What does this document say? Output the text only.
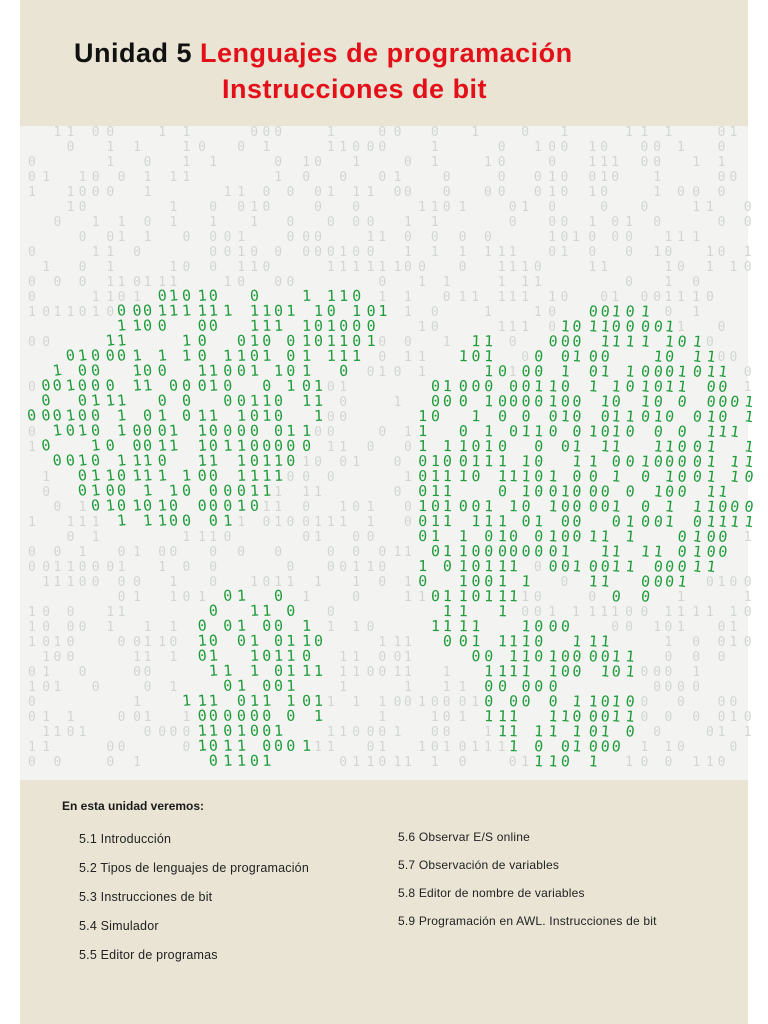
Unidad 5 Lenguajes de programación
Instrucciones de bit
0
0
1
0
0
0
1
0
0
0
0
1
1
0
0
1
1
1
0
1
0
0
1
0
1
1
0
0
0
0
0
0
1
0
0
1
0
0
0
1
1
0
1
1
1
1
0
0
1
1
0
0
1
0
0
0
1
1
1
0
1
1
0
1
0
1
1
1
0
1
1
0
0
1
0
1
1
0
0
0
0
1
0
1
0
0
0
0
0
0
1
0
0
0
0
1
1
0
0
1
1
1
0
0
0
0
1
0
0
0
1
1
1
1
0
0
0
1
0
0
1
0
1
1
0
1
1
0
0
0
0
1
1
0
0
1
1
1
1
0
1
0
0
1
0
1
0
1
0
1
1
0
0
0
1
1
1
0
0
1
1
0
1
1
1
1
0
0
0
1
0
1
0
0
1
0
0
0
1
0
0
1
0
1
1
1
1
0
0
1
1
1
1
0
1
0
1
0
1
0
1
0
1
1
0
1
1
0
0
0
1
0
0
0
1
1
1
0
1
1
1
1
0
0
1
0
1
1
0
1
0
1
0
0
1
0
1
0
1
1
1
0
1
1
0
1
1
1
1
1
1
1
0
1
1
1
0
0
0
1
1
1
0
1
1
0
1
1
1
1
0
0
0
1
1
1
0
0
0
1
0
0
1
0
0
1
1
0
0
0
1
1
0
0
0
1
0
1
1
1
1
0
0
1
1
0
1
0
1
0
1
1
1
0
1
0
0
0
0
1
0
1
1
1
0
0
1
0
0
0
0
1
0
0
0
0
0
1
1
1
0
1
0
0
1
0
0
1
1
1
0
0
0
0
1
0
0
1
0
0
0
1
0
0
0
1
1
0
1
0
1
1
1
0
0
1
0
0
1
0
1
1
1
0
1
1
0
1
1
0
1
0
0
1
1
1
0
1
1
0
1
0
1
1
1
0
1
1
0
0
0
0
1
1
0
1
1
1
1
1
1
0
0
0
0
1
0
0
0
1
1
0
1
0
1
1
0
1
1
1
1
0
0
1
0
0
0
1
0
0
0
1
0
0
1
0
0
0
1
1
0
0
0
0
1
1
1
1
1
0
1
0
0
0
1
0
0
1
0
0
0
0
0
1
0
0
0
1
1
0
0
0
0
0
1
0
1
1
1
1
1
0
0
1
0
0
0
1
1
1
1
1
0
1
1
0
1
0
1
0
0
0
1
1
1
0
1
0
1
0
0
0
0
0
1
0
0
1
1
1
0
0
1
1
1
1
0
1
1
1
1
1
1
1
0
0
1
1
0
1
1
1
0
0
0
1
0
1
0
0
0
1
1
1
1
1
0
1
1
1
0
1
1
0
1
0
0
1
0
1
1
0
1
1
1
1
0
0
1
1
0
0
0
1
0
1
0
0
1
1
0
0
0
1
1
0
1
1
1
1
0
1
0
1
0
1
0
1
0
0
1
0
0
1
1
0
1
0
0
0
0
1
0
0
0
1
1
0
1
1
0
0
1
0
0
0
0
1
0
0
1
1
0
1
0
0
1
0
1
0
1
0
0
1
1
0
1
0
1
1
0
0
1
0
1
0
1
1
0
1
1
0
1
0
0
1
1
1
1
1
1
1
0
1
1
0
1
1
1
1
1
1
1
0
0
0
1
0
0
1
0
1
1
1
0
1
1
1
1
0
1
0
0
0
0
0
1
1
1
0
1
1
0
0
1
0
1
0
0
1
0
0
0
1
0
1
1
0
1
0
1
1
1
1
1
0
1
1
1
0
1
1
0
0
0
1
1
0
1
0
1
1
0
0
0
1
0
1
0
1
1
1
1
1
1
1
0
1
0
1
0
0
1
1
1
0
0
1
0
1
0
0
1
0
0
0
0
1
1
0
1
1
1
0
0
1
1
1
1
1
0
1
1
1
1
1
1
0
0
1
0
1
0
1
0
0
1
1
1
0
0
0
0
1
1
1
1
1
0
0
0
0
1
1
0
1
1
0
1
1
1
1
1
1
0
1
1
1
0
0
1
1
1
1
0
1
0
0
0
1
1
0
0
1
1
1
1
1
0
1
1
1
0
0
1
1
1
1
1
0
0
0
0
0
1
1
1
1
0
0
0
1
1
0
1
1
1
1
0
0
1
1
0
0
0
1
1
0
0
1
0
1
0
0
0
0
1
0
0
0
0
0
0
0
0
0
1
0
1
0
0
1
1
0
0
1
0
1
0
0
0
1
1
0
0
1
0
1
1
0
0
1
0
1
1
0
0
1
1
1
1
0
0
0
0
0
1
0
1
0
0
1
0
0
1
0
1
0
0
0
1
0
0
0
0
0
1
0
0
1
0
0
1
0
0
0
1
1
0
0
0
0
0
1
1
1
0
0
1
0
1
1
1
1
0
1
1
0
0
1
0
1
0
0
1
1
1
0
0
0
1
0
1
0
1
1
0
1
0
0
0
1
0
1
1
0
0
1
0
0
1
1
0
1
1
0
0
1
0
0
1
1
0
1
1
1
0
1
0
0
1
0
1
0
0
0
1
1
0
1
1
0
1
1
1
0
1
1
0
1
1
0
1
0
1
0
1
1
0
1
1
0
0
0
0
0
1
1
0
1
0
0
0
1
1
1
0
0
1
1
0
1
0
1
1
0
0
0
0
1
0
1
0
1
1
0
1
0
0
0
1
0
0
0
0
0
0
1
0
0
0
1
1
0
1
0
0
1
0
0
0
1
0
1
0
1
0
1
0
0
1
0
0
0
1
1
0
1
1
1
0
1
1
0
0
1
0
1
0
1
0
1
1
0
0
1
0
1
0
0
0
0
1
0
1
0
1
0
1
1
0
1
1
0
0
0
0
0
0
0
0
0
1
1
1
1
0
0
0
1
0
1
1
0
1
1
1
1
0
0
0
0
0
1
0
1
1
1
1
0
0
1
0
0
1
1
1
1
0
0
1
1
0
0
1
1
1
1
1
1
1
1
0
0
1
0
1
0
1
0
0
1
0
0
0
0
0
0
1
0
0
0
1
1
0
1
0
0
1
0
0
0
0
0
1
0
1
0
1
0
0
1
1
1
0
1
0
1
1
1
0
1
0
0
0
1
0
0
1
1
1
1
1
0
0
1
1
0
1
0
0
0
1
En esta unidad veremos:
5.1 Introducción
5.2 Tipos de lenguajes de programación
5.3 Instrucciones de bit
5.4 Simulador
5.5 Editor de programas
5.6 Observar E/S online
5.7 Observación de variables
5.8 Editor de nombre de variables
5.9 Programación en AWL. Instrucciones de bit
